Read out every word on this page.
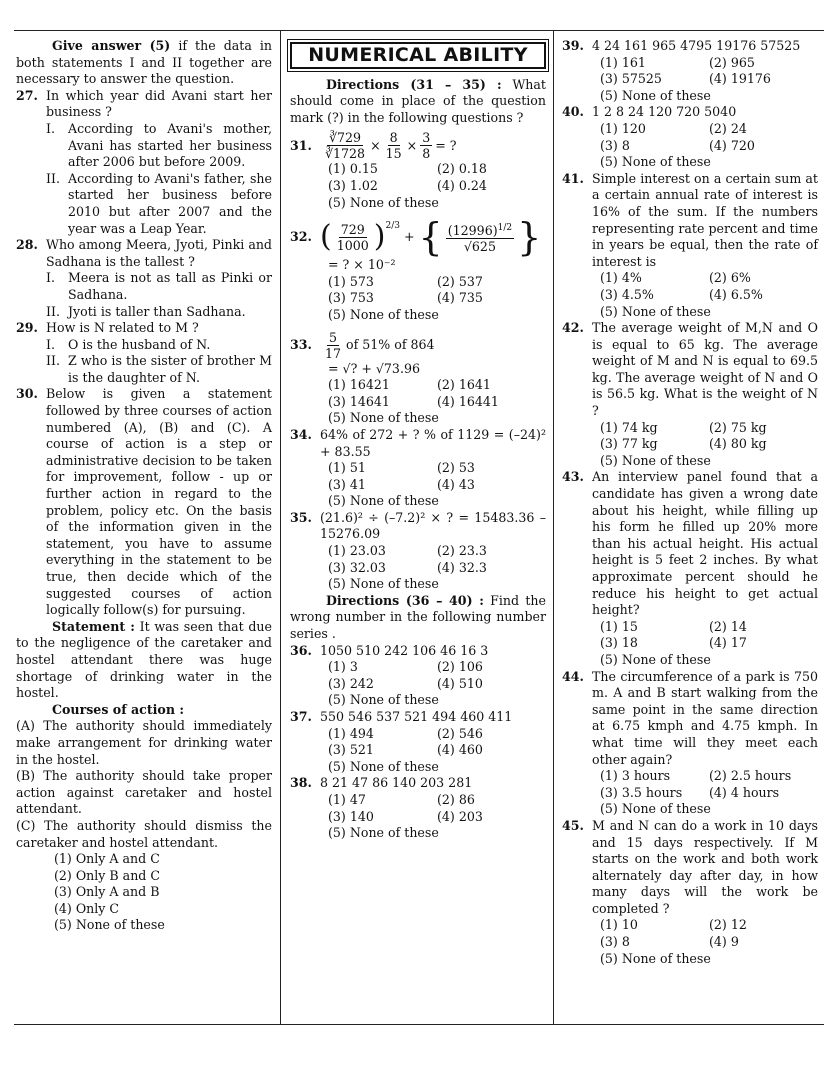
Give answer (5) if the data in both statements I and II together are necessary to answer the question.
27. In which year did Avani start her business ?
I.	According to Avani's mother, Avani has started her business after 2006 but before 2009.
II. According to Avani's father, she started her business before 2010 but after 2007 and the year was a Leap Year.
28. Who among Meera, Jyoti, Pinki and Sadhana is the tallest ?
I.	Meera is not as tall as Pinki or Sadhana.
II. Jyoti is taller than Sadhana.
29. How is N related to M ?
I.	O is the husband of N.
II. Z who is the sister of brother M is the daughter of N.
30. Below is given a statement followed by three courses of action numbered (A), (B) and (C). A course of action is a step or administrative decision to be taken for improvement, follow - up or further action in regard to the problem, policy etc. On the basis of the information given in the statement, you have to assume everything in the statement to be true, then decide which of the suggested courses of action logically follow(s) for pursuing.
Statement : It was seen that due to the negligence of the caretaker and hostel attendant there was huge shortage of drinking water in the hostel.
Courses of action :
(A) The authority should immediately make arrangement for drinking water in the hostel.
(B) The authority should take proper action against caretaker and hostel attendant.
(C) The authority should dismiss the caretaker and hostel attendant.
(1) Only A and C
(2) Only B and C
(3) Only A and B
(4) Only C
(5) None of these
NUMERICAL ABILITY
Directions (31 – 35) : What should come in place of the question mark (?) in the following questions ?
31. $\frac{∛729}{∛1728} \times \frac{8}{15} \times \frac{3}{8}$ = ?
(1) 0.15	(2) 0.18
(3) 1.02	(4) 0.24
(5) None of these
32. ( $\frac{729}{1000}$ ) 2/3
+ { $\frac{(12996)^{1/2}}{√625}$ }
= ? × 10⁻²
(1) 573	(2) 537
(3) 753	(4) 735
(5) None of these
33. $\frac{5}{17}$ of 51% of 864
= √? + √73.96
(1) 16421	(2) 1641
(3) 14641	(4) 16441
(5) None of these
34. 64% of 272 + ? % of 1129 = (–24)² + 83.55
(1) 51	(2) 53
(3) 41	(4) 43
(5) None of these
35. (21.6)² ÷ (–7.2)² × ? = 15483.36 – 15276.09
(1) 23.03	(2) 23.3
(3) 32.03	(4) 32.3
(5) None of these
Directions (36 – 40) : Find the wrong number in the following number series .
36. 1050 510 242 106 46 16 3
(1) 3	(2) 106
(3) 242	(4) 510
(5) None of these
37. 550 546 537 521 494 460 411
(1) 494	(2) 546
(3) 521	(4) 460
(5) None of these
38. 8 21 47 86 140 203 281
(1) 47	(2) 86
(3) 140	(4) 203
(5) None of these
39. 4 24 161 965 4795 19176 57525
(1) 161	(2) 965
(3) 57525	(4) 19176
(5) None of these
40. 1 2 8 24 120 720 5040
(1) 120	(2) 24
(3) 8	(4) 720
(5) None of these
41. Simple interest on a certain sum at a certain annual rate of interest is 16% of the sum. If the numbers representing rate percent and time in years be equal, then the rate of interest is
(1) 4%	(2) 6%
(3) 4.5%	(4) 6.5%
(5) None of these
42. The average weight of M,N and O is equal to 65 kg. The average weight of M and N is equal to 69.5 kg. The average weight of N and O is 56.5 kg. What is the weight of N ?
(1) 74 kg	(2) 75 kg
(3) 77 kg	(4) 80 kg
(5) None of these
43. An interview panel found that a candidate has given a wrong date about his height, while filling up his form he filled up 20% more than his actual height. His actual height is 5 feet 2 inches. By what approximate percent should he reduce his height to get actual height?
(1) 15	(2) 14
(3) 18	(4) 17
(5) None of these
44. The circumference of a park is 750 m. A and B start walking from the same point in the same direction at 6.75 kmph and 4.75 kmph. In what time will they meet each other again?
(1) 3 hours	(2) 2.5 hours
(3) 3.5 hours	(4) 4 hours
(5) None of these
45. M and N can do a work in 10 days and 15 days respectively. If M starts on the work and both work alternately day after day, in how many days will the work be completed ?
(1) 10	(2) 12
(3) 8	(4) 9
(5) None of these
